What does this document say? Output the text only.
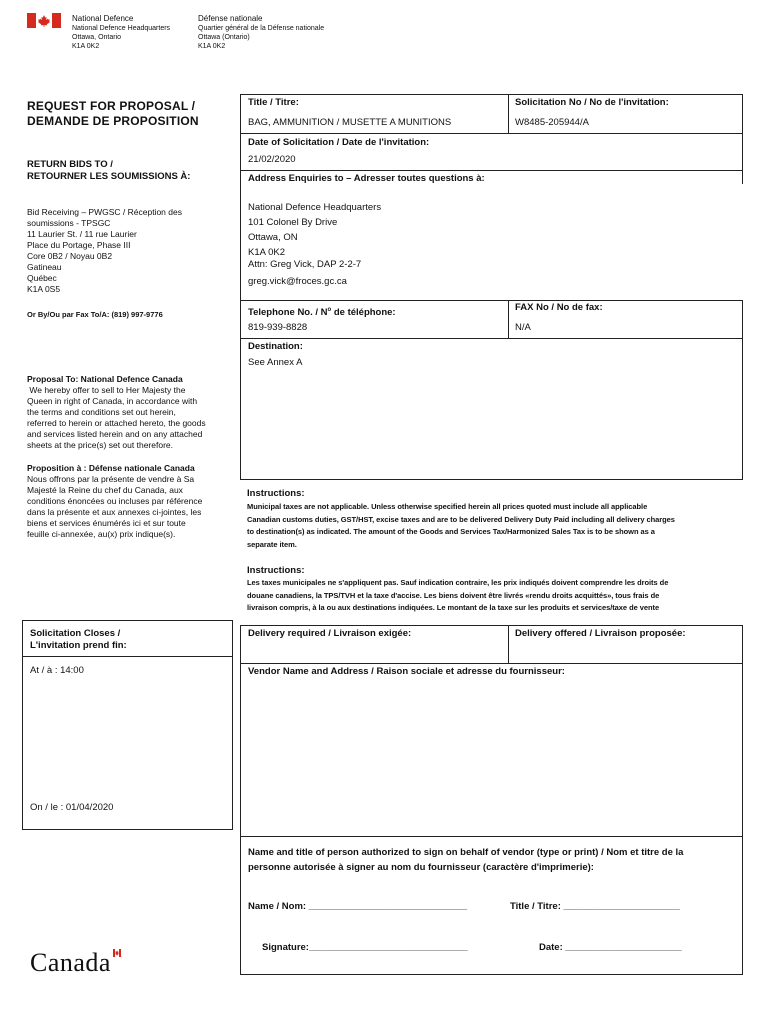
National Defence
National Defence Headquarters
Ottawa, Ontario
K1A 0K2
Défense nationale
Quartier général de la Défense nationale
Ottawa (Ontario)
K1A 0K2
REQUEST FOR PROPOSAL /
DEMANDE DE PROPOSITION
RETURN BIDS TO /
RETOURNER LES SOUMISSIONS À:
Bid Receiving – PWGSC / Réception des
soumissions - TPSGC
11 Laurier St. / 11 rue Laurier
Place du Portage, Phase III
Core 0B2 / Noyau 0B2
Gatineau
Québec
K1A 0S5
Or By/Ou par Fax To/A: (819) 997-9776
Proposal To: National Defence Canada
We hereby offer to sell to Her Majesty the
Queen in right of Canada, in accordance with
the terms and conditions set out herein,
referred to herein or attached hereto, the goods
and services listed herein and on any attached
sheets at the price(s) set out therefore.
Proposition à : Défense nationale Canada
Nous offrons par la présente de vendre à Sa
Majesté la Reine du chef du Canada, aux
conditions énoncées ou incluses par référence
dans la présente et aux annexes ci-jointes, les
biens et services énumérés ici et sur toute
feuille ci-annexée, au(x) prix indique(s).
Solicitation Closes /
L'invitation prend fin:
At / à : 14:00
On / le : 01/04/2020
Canada
Title / Titre:
BAG, AMMUNITION / MUSETTE A MUNITIONS
Solicitation No / No de l'invitation:
W8485-205944/A
Date of Solicitation / Date de l'invitation:
21/02/2020
Address Enquiries to – Adresser toutes questions à:
National Defence Headquarters
101 Colonel By Drive
Ottawa, ON
K1A 0K2
Attn: Greg Vick, DAP 2-2-7
greg.vick@froces.gc.ca
Telephone No. / $N^o$ de téléphone:
819-939-8828
FAX No / No de fax:
N/A
Destination:
See Annex A
Instructions:
Municipal taxes are not applicable. Unless otherwise specified herein all prices quoted must include all applicable
Canadian customs duties, GST/HST, excise taxes and are to be delivered Delivery Duty Paid including all delivery charges
to destination(s) as indicated. The amount of the Goods and Services Tax/Harmonized Sales Tax is to be shown as a
separate item.
Instructions:
Les taxes municipales ne s'appliquent pas. Sauf indication contraire, les prix indiqués doivent comprendre les droits de
douane canadiens, la TPS/TVH et la taxe d'accise. Les biens doivent être livrés «rendu droits acquittés», tous frais de
livraison compris, à la ou aux destinations indiquées. Le montant de la taxe sur les produits et services/taxe de vente
Delivery required / Livraison exigée:	Delivery offered / Livraison proposée:
Vendor Name and Address / Raison sociale et adresse du fournisseur:
Name and title of person authorized to sign on behalf of vendor (type or print) / Nom et titre de la
personne autorisée à signer au nom du fournisseur (caractère d'imprimerie):
Name / Nom: ______________________________	Title / Titre: ______________________
Signature:______________________________	Date: ______________________
